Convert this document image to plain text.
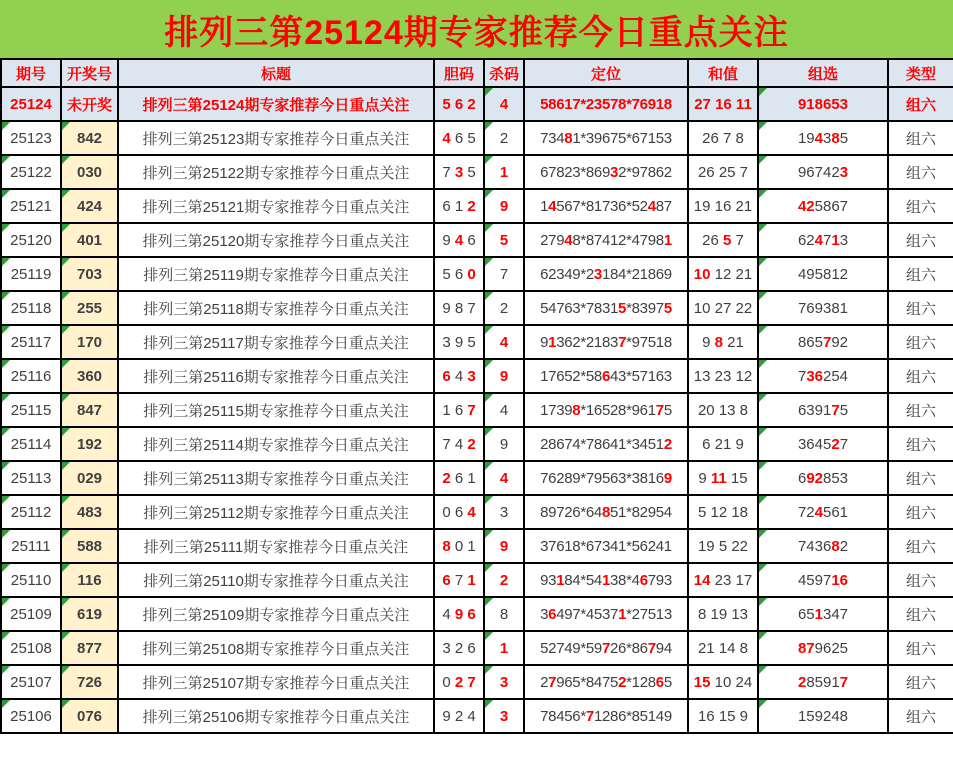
排列三第25124期专家推荐今日重点关注
期号	开奖号	标题	胆码	杀码	定位	和值	组选	类型
25124	未开奖	排列三第25124期专家推荐今日重点关注	5 6 2	4	58617*23578*76918	27 16 11	918653	组六

25123	842	排列三第25123期专家推荐今日重点关注	4 6 5	2	73481*39675*67153	26 7 8	194385	组六

25122	030	排列三第25122期专家推荐今日重点关注	7 3 5	1	67823*86932*97862	26 25 7	967423	组六

25121	424	排列三第25121期专家推荐今日重点关注	6 1 2	9	14567*81736*52487	19 16 21	425867	组六

25120	401	排列三第25120期专家推荐今日重点关注	9 4 6	5	27948*87412*47981	26 5 7	624713	组六

25119	703	排列三第25119期专家推荐今日重点关注	5 6 0	7	62349*23184*21869	10 12 21	495812	组六

25118	255	排列三第25118期专家推荐今日重点关注	9 8 7	2	54763*78315*83975	10 27 22	769381	组六

25117	170	排列三第25117期专家推荐今日重点关注	3 9 5	4	91362*21837*97518	9 8 21	865792	组六

25116	360	排列三第25116期专家推荐今日重点关注	6 4 3	9	17652*58643*57163	13 23 12	736254	组六

25115	847	排列三第25115期专家推荐今日重点关注	1 6 7	4	17398*16528*96175	20 13 8	639175	组六

25114	192	排列三第25114期专家推荐今日重点关注	7 4 2	9	28674*78641*34512	6 21 9	364527	组六

25113	029	排列三第25113期专家推荐今日重点关注	2 6 1	4	76289*79563*38169	9 11 15	692853	组六

25112	483	排列三第25112期专家推荐今日重点关注	0 6 4	3	89726*64851*82954	5 12 18	724561	组六

25111	588	排列三第25111期专家推荐今日重点关注	8 0 1	9	37618*67341*56241	19 5 22	743682	组六

25110	116	排列三第25110期专家推荐今日重点关注	6 7 1	2	93184*54138*46793	14 23 17	459716	组六

25109	619	排列三第25109期专家推荐今日重点关注	4 9 6	8	36497*45371*27513	8 19 13	651347	组六

25108	877	排列三第25108期专家推荐今日重点关注	3 2 6	1	52749*59726*86794	21 14 8	879625	组六

25107	726	排列三第25107期专家推荐今日重点关注	0 2 7	3	27965*84752*12865	15 10 24	285917	组六

25106	076	排列三第25106期专家推荐今日重点关注	9 2 4	3	78456*71286*85149	16 15 9	159248	组六
